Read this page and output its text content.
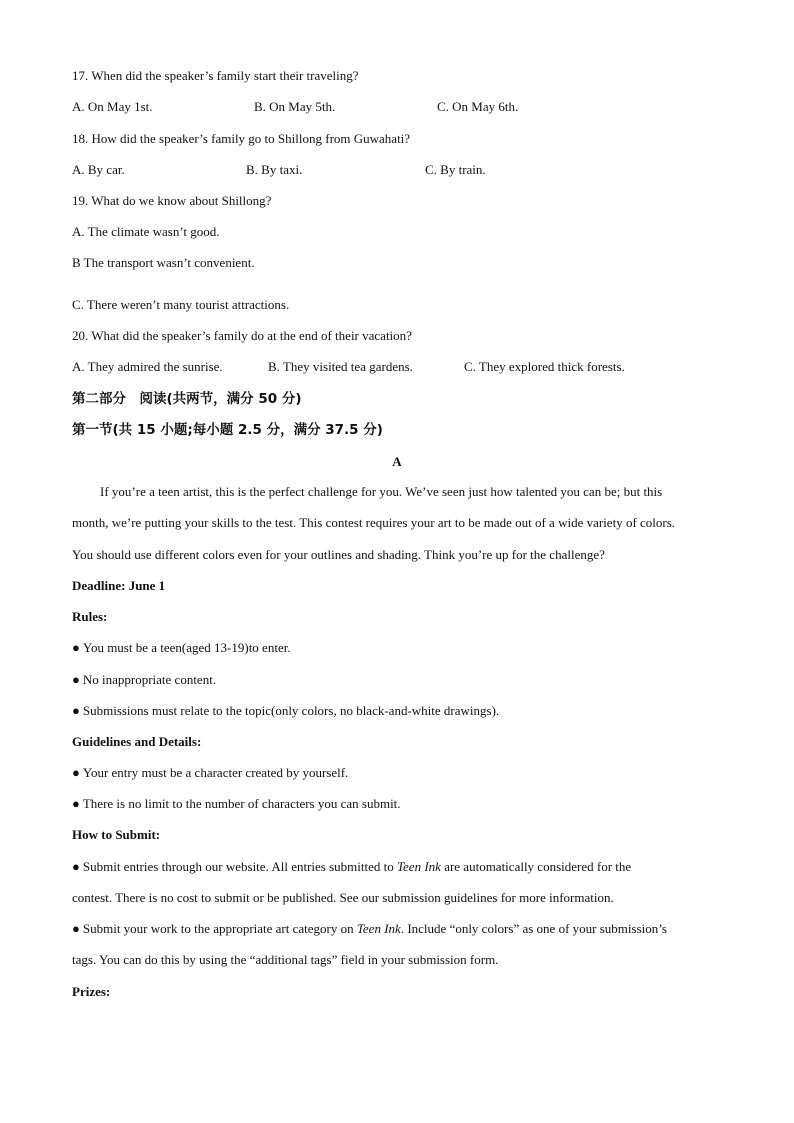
17. When did the speaker’s family start their traveling?
A. On May 1st.	B. On May 5th.	C. On May 6th.
18. How did the speaker’s family go to Shillong from Guwahati?
A. By car.	B. By taxi.	C. By train.
19. What do we know about Shillong?
A. The climate wasn’t good.
B The transport wasn’t convenient.
C. There weren’t many tourist attractions.
20. What did the speaker’s family do at the end of their vacation?
A. They admired the sunrise.	B. They visited tea gardens.	C. They explored thick forests.
第二部分　阅读(共两节，满分 50 分)
第一节(共 15 小题;每小题 2.5 分，满分 37.5 分)
A
If you’re a teen artist, this is the perfect challenge for you. We’ve seen just how talented you can be; but this
month, we’re putting your skills to the test. This contest requires your art to be made out of a wide variety of colors.
You should use different colors even for your outlines and shading. Think you’re up for the challenge?
Deadline: June 1
Rules:
● You must be a teen(aged 13-19)to enter.
● No inappropriate content.
● Submissions must relate to the topic(only colors, no black-and-white drawings).
Guidelines and Details:
● Your entry must be a character created by yourself.
● There is no limit to the number of characters you can submit.
How to Submit:
● Submit entries through our website. All entries submitted to Teen Ink are automatically considered for the
contest. There is no cost to submit or be published. See our submission guidelines for more information.
● Submit your work to the appropriate art category on Teen Ink. Include “only colors” as one of your submission’s
tags. You can do this by using the “additional tags” field in your submission form.
Prizes:
